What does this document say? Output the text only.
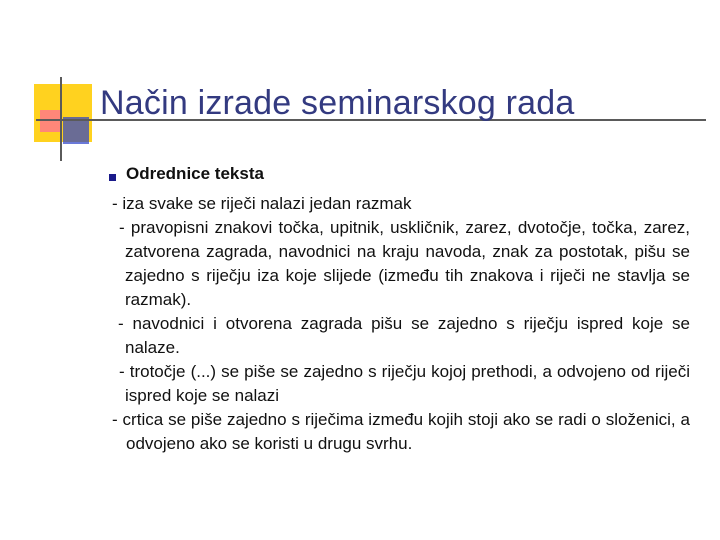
Način izrade seminarskog rada
Odrednice teksta

- iza svake se riječi nalazi jedan razmak

- pravopisni znakovi točka, upitnik, uskličnik, zarez, dvotočje, točka, zarez, zatvorena zagrada, navodnici na kraju navoda, znak za postotak, pišu se zajedno s riječju iza koje slijede (između tih znakova i riječi ne stavlja se razmak).

- navodnici i otvorena zagrada pišu se zajedno s riječju ispred koje se nalaze.

- trotočje (...) se piše se zajedno s riječju kojoj prethodi, a odvojeno od riječi ispred koje se nalazi

- crtica se piše zajedno s riječima između kojih stoji ako se radi o složenici, a odvojeno ako se koristi u drugu svrhu.
